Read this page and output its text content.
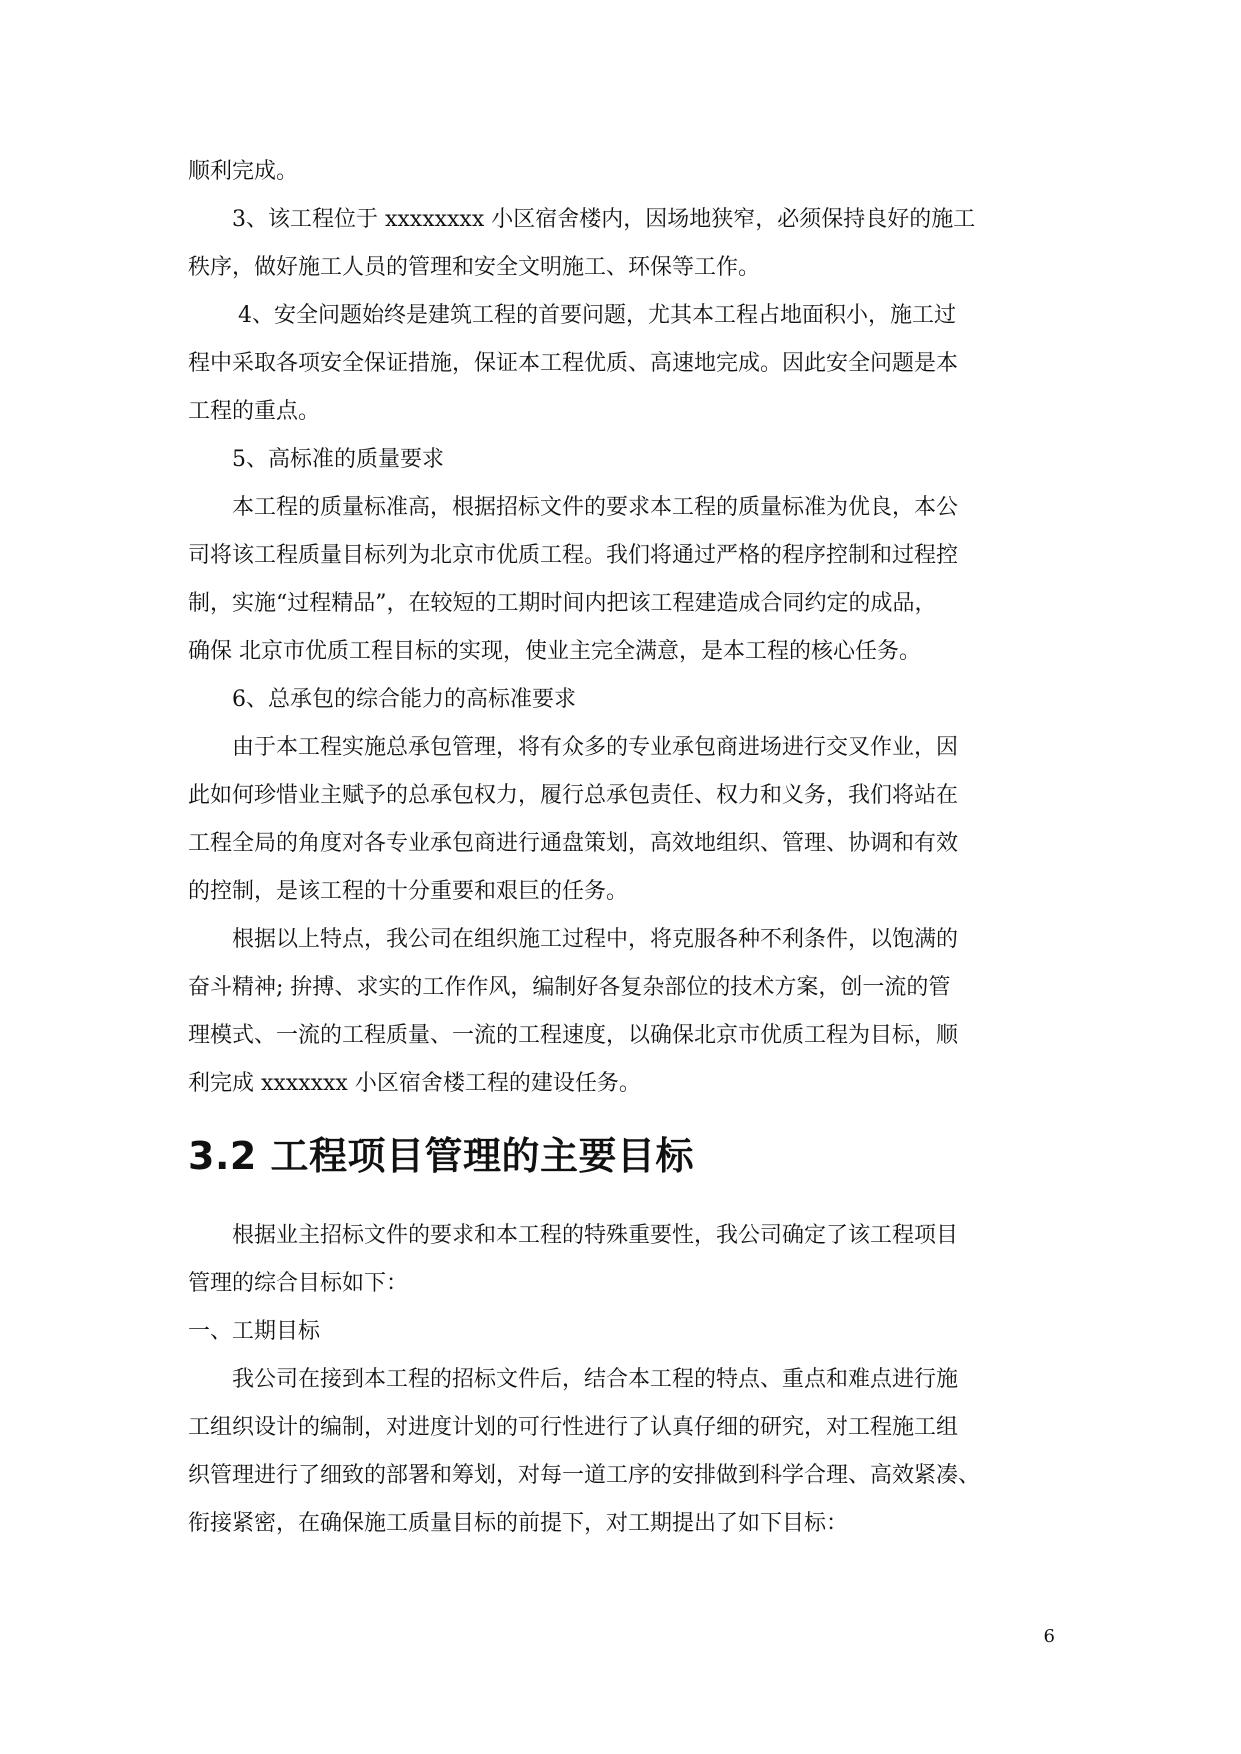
顺利完成。

3、该工程位于 xxxxxxxx 小区宿舍楼内，因场地狭窄，必须保持良好的施工

秩序，做好施工人员的管理和安全文明施工、环保等工作。

4、安全问题始终是建筑工程的首要问题，尤其本工程占地面积小，施工过

程中采取各项安全保证措施，保证本工程优质、高速地完成。因此安全问题是本

工程的重点。

5、高标准的质量要求

本工程的质量标准高，根据招标文件的要求本工程的质量标准为优良，本公

司将该工程质量目标列为北京市优质工程。我们将通过严格的程序控制和过程控

制，实施“过程精品”，在较短的工期时间内把该工程建造成合同约定的成品，

确保 北京市优质工程目标的实现，使业主完全满意，是本工程的核心任务。

6、总承包的综合能力的高标准要求

由于本工程实施总承包管理，将有众多的专业承包商进场进行交叉作业，因

此如何珍惜业主赋予的总承包权力，履行总承包责任、权力和义务，我们将站在

工程全局的角度对各专业承包商进行通盘策划，高效地组织、管理、协调和有效

的控制，是该工程的十分重要和艰巨的任务。

根据以上特点，我公司在组织施工过程中，将克服各种不利条件，以饱满的

奋斗精神; 拚搏、求实的工作作风，编制好各复杂部位的技术方案，创一流的管

理模式、一流的工程质量、一流的工程速度，以确保北京市优质工程为目标，顺

利完成 xxxxxxx 小区宿舍楼工程的建设任务。

3.2 工程项目管理的主要目标

根据业主招标文件的要求和本工程的特殊重要性，我公司确定了该工程项目

管理的综合目标如下：

一、工期目标

我公司在接到本工程的招标文件后，结合本工程的特点、重点和难点进行施

工组织设计的编制，对进度计划的可行性进行了认真仔细的研究，对工程施工组

织管理进行了细致的部署和筹划，对每一道工序的安排做到科学合理、高效紧凑、

衔接紧密，在确保施工质量目标的前提下，对工期提出了如下目标：

6
